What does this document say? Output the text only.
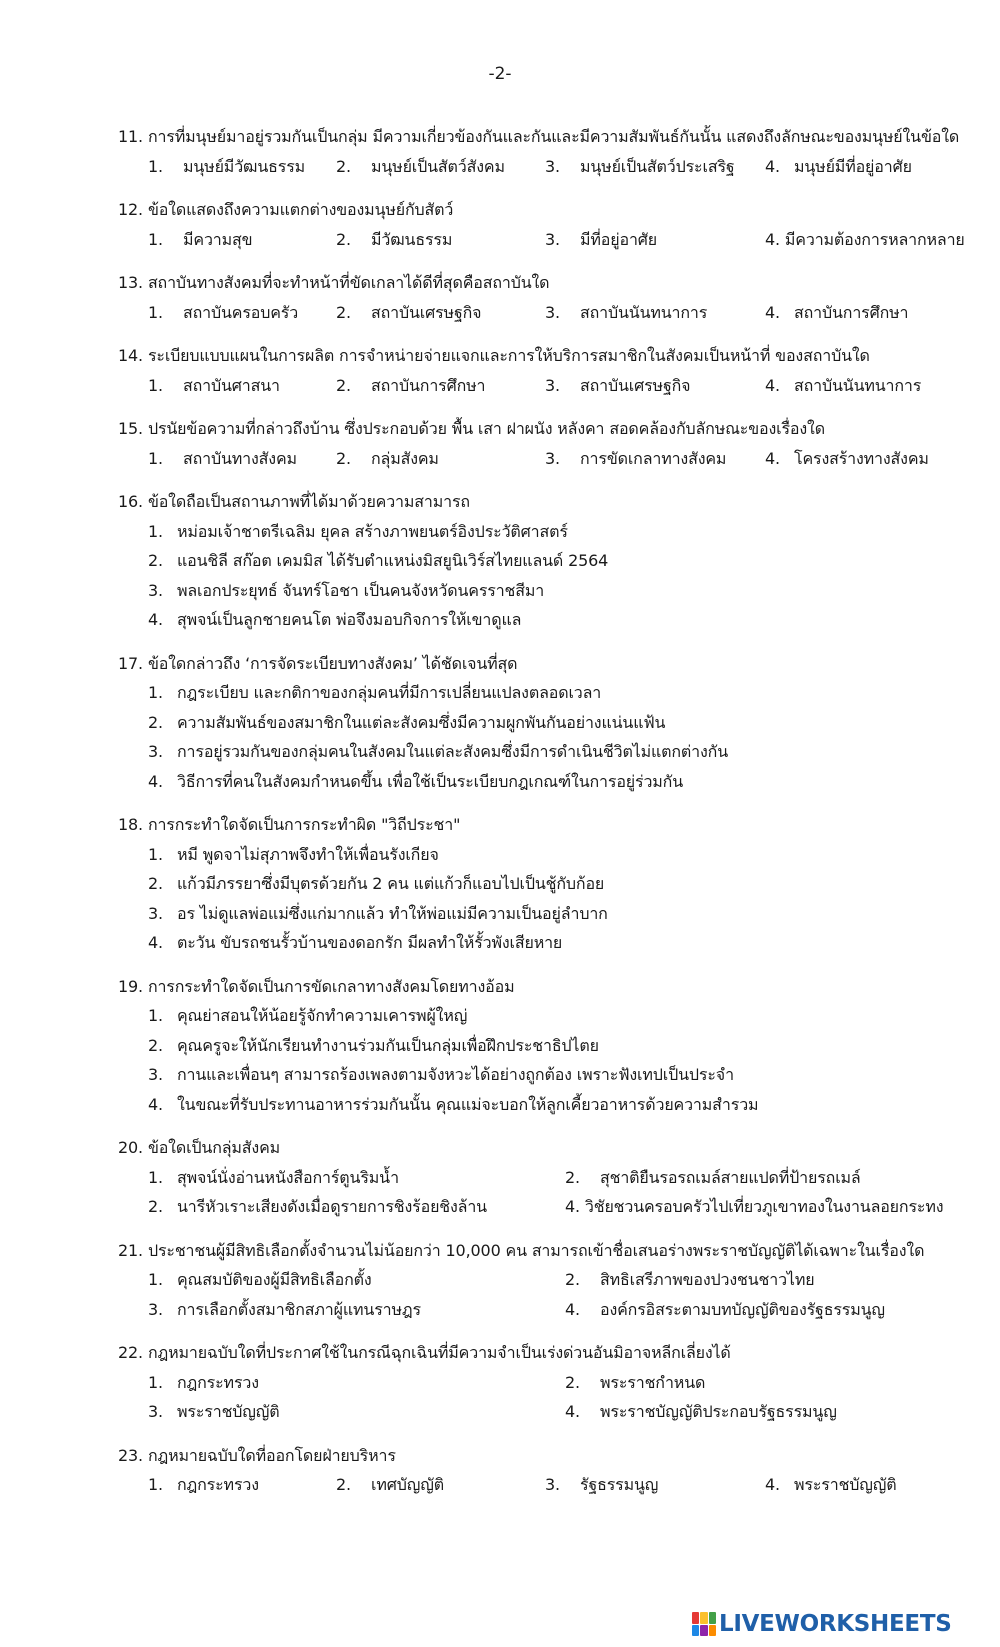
-2-
11. การที่มนุษย์มาอยู่รวมกันเป็นกลุ่ม มีความเกี่ยวข้องกันและกันและมีความสัมพันธ์กันนั้น แสดงถึงลักษณะของมนุษย์ในข้อใด
1. มนุษย์มีวัฒนธรรม	2. มนุษย์เป็นสัตว์สังคม	3. มนุษย์เป็นสัตว์ประเสริฐ	4. มนุษย์มีที่อยู่อาศัย
12. ข้อใดแสดงถึงความแตกต่างของมนุษย์กับสัตว์
1. มีความสุข	2. มีวัฒนธรรม	3. มีที่อยู่อาศัย	4. มีความต้องการหลากหลาย
13. สถาบันทางสังคมที่จะทำหน้าที่ขัดเกลาได้ดีที่สุดคือสถาบันใด
1. สถาบันครอบครัว	2. สถาบันเศรษฐกิจ	3. สถาบันนันทนาการ	4. สถาบันการศึกษา
14. ระเบียบแบบแผนในการผลิต การจำหน่ายจ่ายแจกและการให้บริการสมาชิกในสังคมเป็นหน้าที่ ของสถาบันใด
1. สถาบันศาสนา	2. สถาบันการศึกษา	3. สถาบันเศรษฐกิจ	4. สถาบันนันทนาการ
15. ปรนัยข้อความที่กล่าวถึงบ้าน ซึ่งประกอบด้วย พื้น เสา ฝาผนัง หลังคา สอดคล้องกับลักษณะของเรื่องใด
1. สถาบันทางสังคม	2. กลุ่มสังคม	3. การขัดเกลาทางสังคม	4. โครงสร้างทางสังคม
16. ข้อใดถือเป็นสถานภาพที่ได้มาด้วยความสามารถ
1. หม่อมเจ้าชาตรีเฉลิม ยุคล สร้างภาพยนตร์อิงประวัติศาสตร์
2. แอนชิลี สก๊อต เคมมิส ได้รับตำแหน่งมิสยูนิเวิร์สไทยแลนด์ 2564
3. พลเอกประยุทธ์ จันทร์โอชา เป็นคนจังหวัดนครราชสีมา
4. สุพจน์เป็นลูกชายคนโต พ่อจึงมอบกิจการให้เขาดูแล
17. ข้อใดกล่าวถึง ‘การจัดระเบียบทางสังคม’ ได้ชัดเจนที่สุด
1. กฎระเบียบ และกติกาของกลุ่มคนที่มีการเปลี่ยนแปลงตลอดเวลา
2. ความสัมพันธ์ของสมาชิกในแต่ละสังคมซึ่งมีความผูกพันกันอย่างแน่นแฟ้น
3. การอยู่รวมกันของกลุ่มคนในสังคมในแต่ละสังคมซึ่งมีการดำเนินชีวิตไม่แตกต่างกัน
4. วิธีการที่คนในสังคมกำหนดขึ้น เพื่อใช้เป็นระเบียบกฎเกณฑ์ในการอยู่ร่วมกัน
18. การกระทำใดจัดเป็นการกระทำผิด "วิถีประชา"
1. หมี พูดจาไม่สุภาพจึงทำให้เพื่อนรังเกียจ
2. แก้วมีภรรยาซึ่งมีบุตรด้วยกัน 2 คน แต่แก้วก็แอบไปเป็นชู้กับก้อย
3. อร ไม่ดูแลพ่อแม่ซึ่งแก่มากแล้ว ทำให้พ่อแม่มีความเป็นอยู่ลำบาก
4. ตะวัน ขับรถชนรั้วบ้านของดอกรัก มีผลทำให้รั้วพังเสียหาย
19. การกระทำใดจัดเป็นการขัดเกลาทางสังคมโดยทางอ้อม
1. คุณย่าสอนให้น้อยรู้จักทำความเคารพผู้ใหญ่
2. คุณครูจะให้นักเรียนทำงานร่วมกันเป็นกลุ่มเพื่อฝึกประชาธิปไตย
3. กานและเพื่อนๆ สามารถร้องเพลงตามจังหวะได้อย่างถูกต้อง เพราะฟังเทปเป็นประจำ
4. ในขณะที่รับประทานอาหารร่วมกันนั้น คุณแม่จะบอกให้ลูกเคี้ยวอาหารด้วยความสำรวม
20. ข้อใดเป็นกลุ่มสังคม
1. สุพจน์นั่งอ่านหนังสือการ์ตูนริมน้ำ	2. สุชาติยืนรอรถเมล์สายแปดที่ป้ายรถเมล์
2. นารีหัวเราะเสียงดังเมื่อดูรายการชิงร้อยชิงล้าน	4. วิชัยชวนครอบครัวไปเที่ยวภูเขาทองในงานลอยกระทง
21. ประชาชนผู้มีสิทธิเลือกตั้งจำนวนไม่น้อยกว่า 10,000 คน สามารถเข้าชื่อเสนอร่างพระราชบัญญัติได้เฉพาะในเรื่องใด
1. คุณสมบัติของผู้มีสิทธิเลือกตั้ง	2. สิทธิเสรีภาพของปวงชนชาวไทย
3. การเลือกตั้งสมาชิกสภาผู้แทนราษฎร	4. องค์กรอิสระตามบทบัญญัติของรัฐธรรมนูญ
22. กฎหมายฉบับใดที่ประกาศใช้ในกรณีฉุกเฉินที่มีความจำเป็นเร่งด่วนอันมิอาจหลีกเลี่ยงได้
1. กฎกระทรวง	2. พระราชกำหนด
3. พระราชบัญญัติ	4. พระราชบัญญัติประกอบรัฐธรรมนูญ
23. กฎหมายฉบับใดที่ออกโดยฝ่ายบริหาร
1. กฎกระทรวง	2. เทศบัญญัติ	3. รัฐธรรมนูญ	4. พระราชบัญญัติ
LIVEWORKSHEETS
